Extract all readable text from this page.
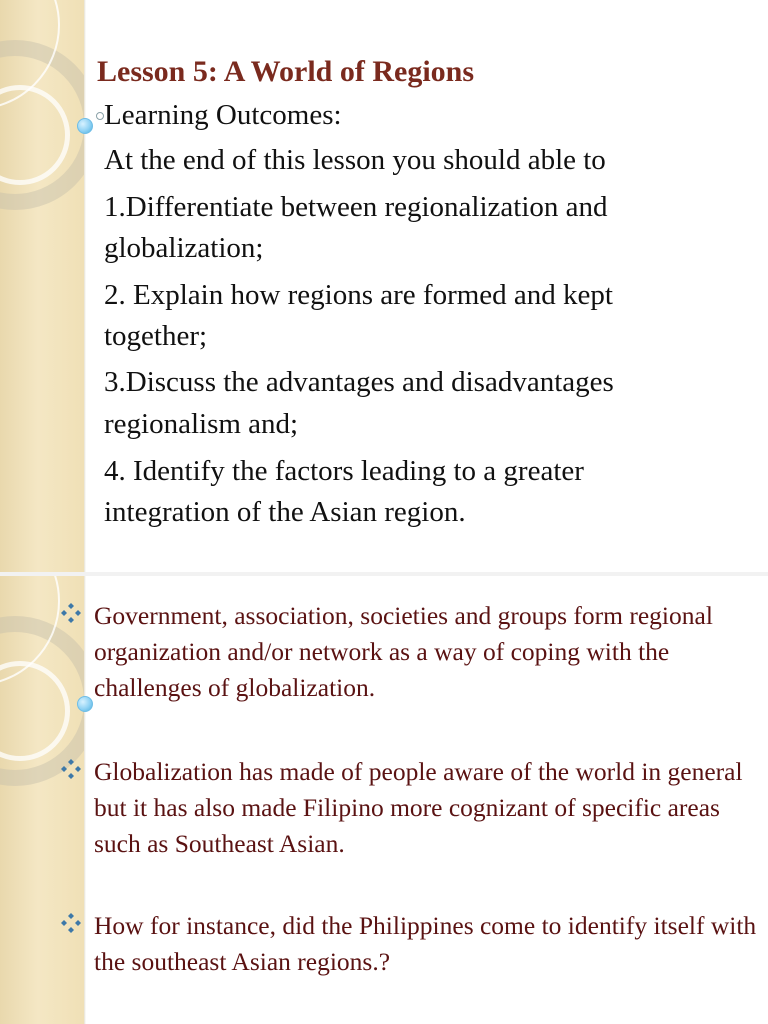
Lesson 5: A World of Regions
Learning Outcomes:
At the end of this lesson you should able to
1.Differentiate between regionalization and
globalization;
2. Explain how regions are formed and kept
together;
3.Discuss the advantages and disadvantages
regionalism and;
4. Identify the factors leading to a greater
integration of the Asian region.
Government, association, societies and groups form regional organization and/or network as a way of coping with the challenges of globalization.
Globalization has made of people aware of the world in general but it has also made Filipino more cognizant of specific areas such as Southeast Asian.
How for instance, did the Philippines come to identify itself with the southeast Asian regions.?
